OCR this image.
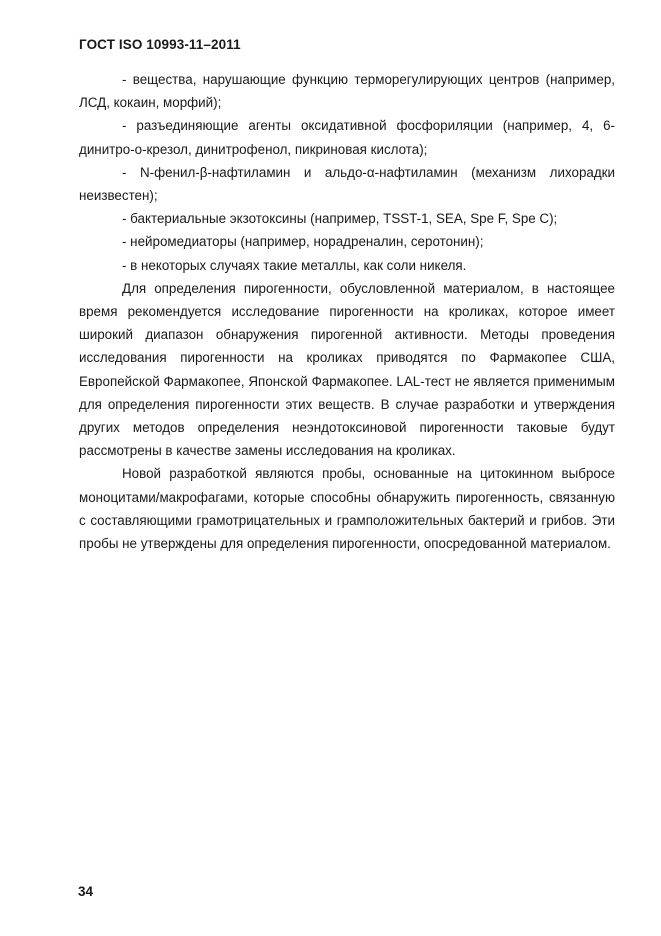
ГОСТ ISO 10993-11–2011

- вещества, нарушающие функцию терморегулирующих центров (например, ЛСД, кокаин, морфий);

- разъединяющие агенты оксидативной фосфориляции (например, 4, 6-динитро-о-крезол, динитрофенол, пикриновая кислота);

- N-фенил-β-нафтиламин и альдо-α-нафтиламин (механизм лихорадки неизвестен);

- бактериальные экзотоксины (например, TSST-1, SEA, Spe F, Spe C);

- нейромедиаторы (например, норадреналин, серотонин);

- в некоторых случаях такие металлы, как соли никеля.

Для определения пирогенности, обусловленной материалом, в настоящее время рекомендуется исследование пирогенности на кроликах, которое имеет широкий диапазон обнаружения пирогенной активности. Методы проведения исследования пирогенности на кроликах приводятся по Фармакопее США, Европейской Фармакопее, Японской Фармакопее. LAL-тест не является применимым для определения пирогенности этих веществ. В случае разработки и утверждения других методов определения неэндотоксиновой пирогенности таковые будут рассмотрены в качестве замены исследования на кроликах.

Новой разработкой являются пробы, основанные на цитокинном выбросе моноцитами/макрофагами, которые способны обнаружить пирогенность, связанную с составляющими грамотрицательных и грамположительных бактерий и грибов. Эти пробы не утверждены для определения пирогенности, опосредованной материалом.

34
